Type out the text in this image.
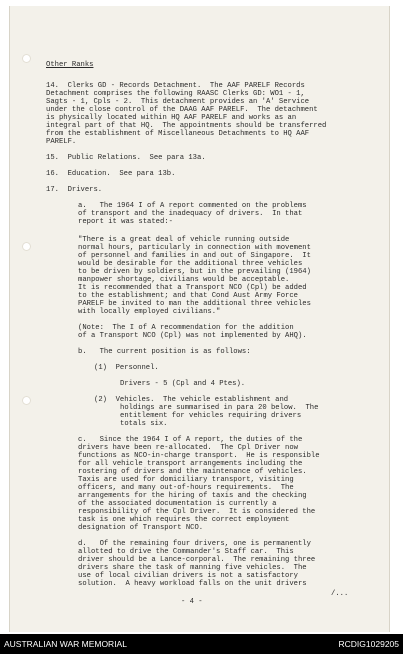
Other Ranks

14.  Clerks GD - Records Detachment.  The AAF PARELF Records

Detachment comprises the following RAASC Clerks GD: WO1 - 1,

Sagts - 1, Cpls - 2.  This detachment provides an 'A' Service

under the close control of the DAAG AAF PARELF.  The detachment

is physically located within HQ AAF PARELF and works as an

integral part of that HQ.  The appointments should be transferred

from the establishment of Miscellaneous Detachments to HQ AAF

PARELF.

15.  Public Relations.  See para 13a.

16.  Education.  See para 13b.

17.  Drivers.

a.   The 1964 I of A report commented on the problems

of transport and the inadequacy of drivers.  In that

report it was stated:-

"There is a great deal of vehicle running outside

normal hours, particularly in connection with movement

of personnel and families in and out of Singapore.  It

would be desirable for the additional three vehicles

to be driven by soldiers, but in the prevailing (1964)

manpower shortage, civilians would be acceptable.

It is recommended that a Transport NCO (Cpl) be added

to the establishment; and that Cond Aust Army Force

PARELF be invited to man the additional three vehicles

with locally employed civilians."

(Note:  The I of A recommendation for the addition

of a Transport NCO (Cpl) was not implemented by AHQ).

b.   The current position is as follows:

(1)  Personnel.

Drivers - 5 (Cpl and 4 Ptes).

(2)  Vehicles.  The vehicle establishment and

holdings are summarised in para 20 below.  The

entitlement for vehicles requiring drivers

totals six.

c.   Since the 1964 I of A report, the duties of the

drivers have been re-allocated.  The Cpl Driver now

functions as NCO-in-charge transport.  He is responsible

for all vehicle transport arrangements including the

rostering of drivers and the maintenance of vehicles.

Taxis are used for domiciliary transport, visiting

officers, and many out-of-hours requirements.  The

arrangements for the hiring of taxis and the checking

of the associated documentation is currently a

responsibility of the Cpl Driver.  It is considered the

task is one which requires the correct employment

designation of Transport NCO.

d.   Of the remaining four drivers, one is permanently

allotted to drive the Commander's Staff car.  This

driver should be a Lance-corporal.  The remaining three

drivers share the task of manning five vehicles.  The

use of local civilian drivers is not a satisfactory

solution.  A heavy workload falls on the unit drivers

/...

- 4 -

AUSTRALIAN WAR MEMORIAL	RCDIG1029205
